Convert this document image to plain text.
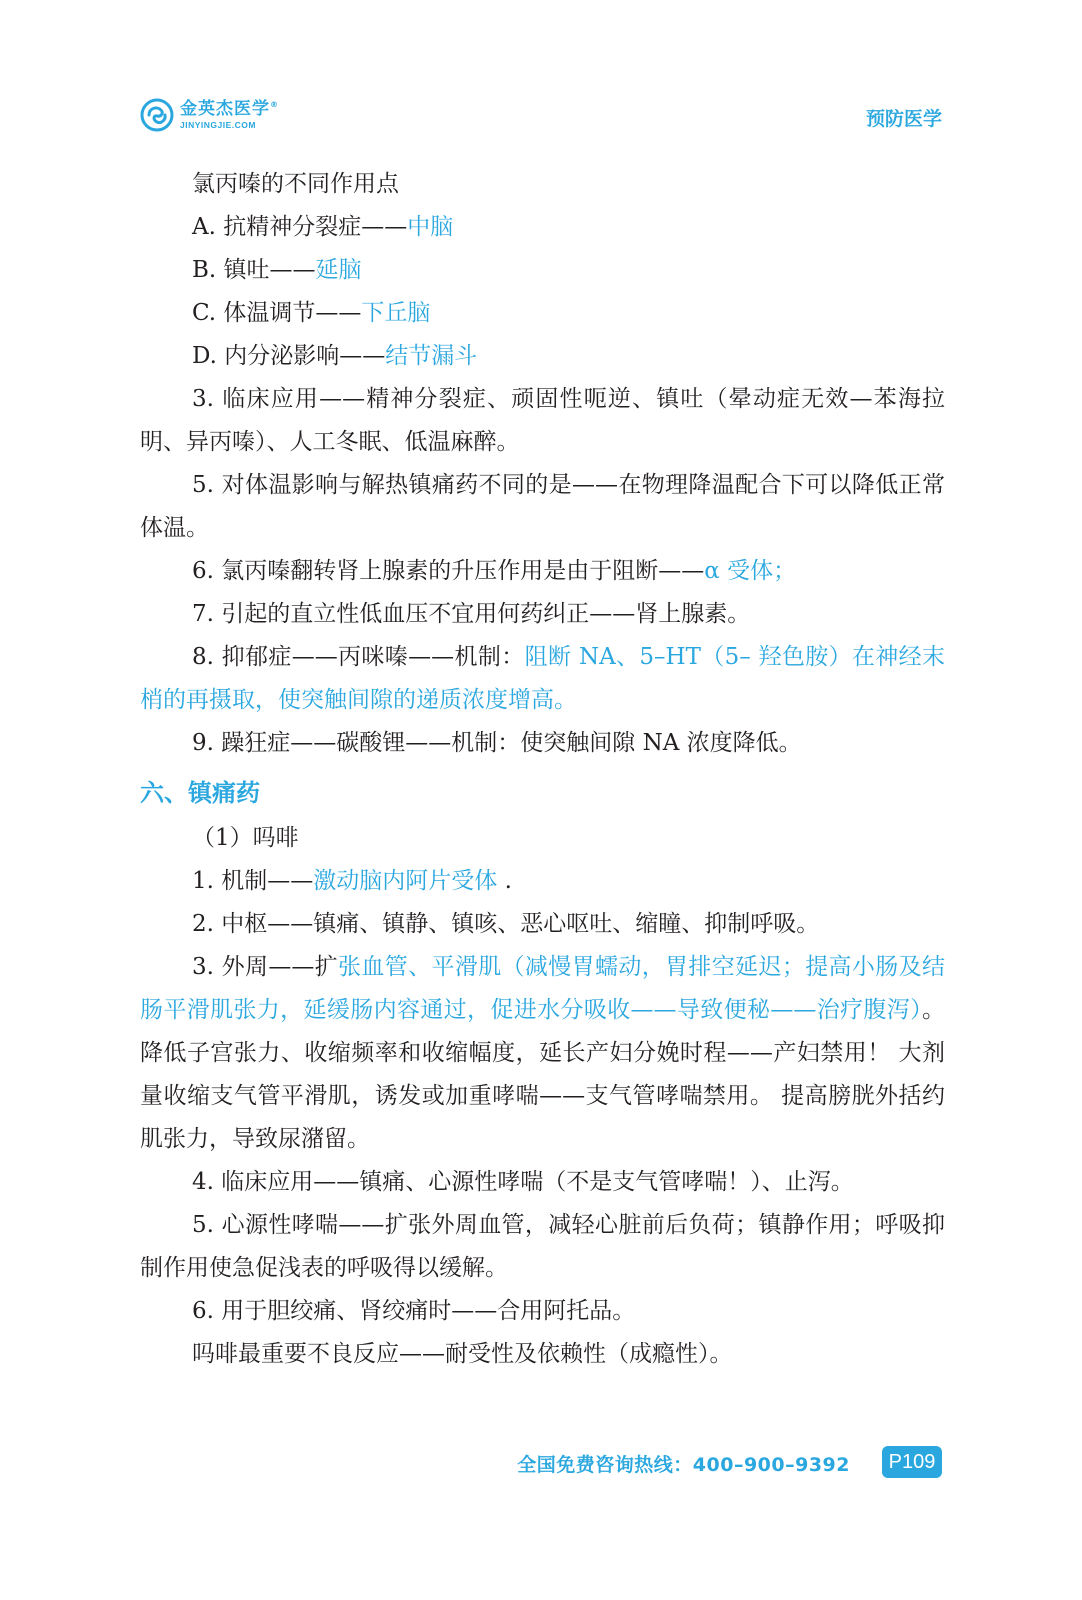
金英杰医学®
JINYINGJIE.COM	预防医学

氯丙嗪的不同作用点

A. 抗精神分裂症——中脑

B. 镇吐——延脑

C. 体温调节——下丘脑

D. 内分泌影响——结节漏斗

3. 临床应用——精神分裂症、顽固性呃逆、镇吐（晕动症无效—苯海拉明、异丙嗪）、人工冬眠、低温麻醉。

5. 对体温影响与解热镇痛药不同的是——在物理降温配合下可以降低正常体温。

6. 氯丙嗪翻转肾上腺素的升压作用是由于阻断——α 受体；

7. 引起的直立性低血压不宜用何药纠正——肾上腺素。

8. 抑郁症——丙咪嗪——机制：阻断 NA、5–HT（5– 羟色胺）在神经末梢的再摄取，使突触间隙的递质浓度增高。

9. 躁狂症——碳酸锂——机制：使突触间隙 NA 浓度降低。

六、镇痛药

（1）吗啡

1. 机制——激动脑内阿片受体 .

2. 中枢——镇痛、镇静、镇咳、恶心呕吐、缩瞳、抑制呼吸。

3. 外周——扩张血管、平滑肌（减慢胃蠕动，胃排空延迟；提高小肠及结肠平滑肌张力，延缓肠内容通过，促进水分吸收——导致便秘——治疗腹泻）。 降低子宫张力、收缩频率和收缩幅度，延长产妇分娩时程——产妇禁用！ 大剂量收缩支气管平滑肌，诱发或加重哮喘——支气管哮喘禁用。 提高膀胱外括约肌张力，导致尿潴留。

4. 临床应用——镇痛、心源性哮喘（不是支气管哮喘！）、止泻。

5. 心源性哮喘——扩张外周血管，减轻心脏前后负荷；镇静作用；呼吸抑制作用使急促浅表的呼吸得以缓解。

6. 用于胆绞痛、肾绞痛时——合用阿托品。

吗啡最重要不良反应——耐受性及依赖性（成瘾性）。

全国免费咨询热线：400–900–9392	P109
